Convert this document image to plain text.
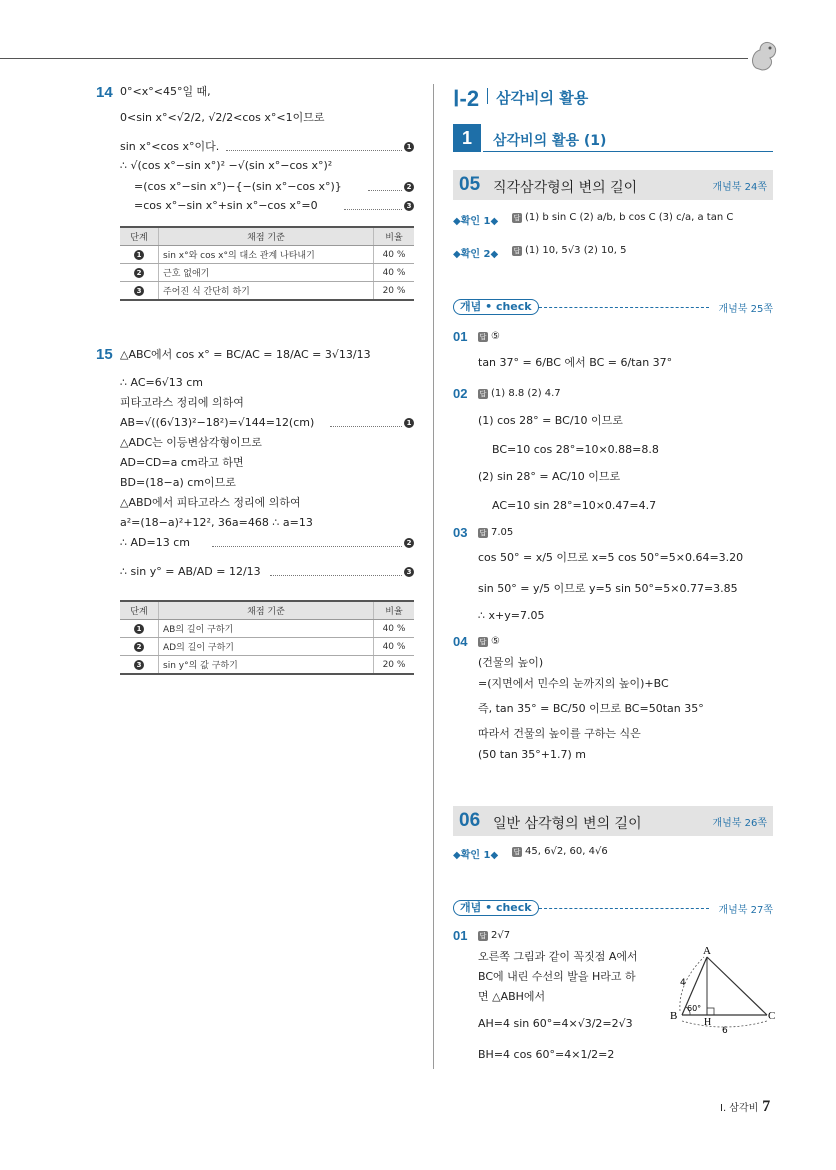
14 0°<x°<45°일 때,
0<sin x°<√2/2, √2/2<cos x°<1이므로
sin x°<cos x°이다.	1
∴ √(cos x°−sin x°)² −√(sin x°−cos x°)²
=(cos x°−sin x°)−{−(sin x°−cos x°)}	2
=cos x°−sin x°+sin x°−cos x°=0	3
단계	채점 기준	비율
1	sin x°와 cos x°의 대소 관계 나타내기	40 %
2	근호 없애기	40 %
3	주어진 식 간단히 하기	20 %
15 △ABC에서 cos x° = BC/AC = 18/AC = 3√13/13
∴ AC=6√13 cm
피타고라스 정리에 의하여
AB=√((6√13)²−18²)=√144=12(cm)	1
△ADC는 이등변삼각형이므로
AD=CD=a cm라고 하면
BD=(18−a) cm이므로
△ABD에서 피타고라스 정리에 의하여
a²=(18−a)²+12², 36a=468 ∴ a=13
∴ AD=13 cm	2
∴ sin y° = AB/AD = 12/13	3
단계	채점 기준	비율
1	AB의 길이 구하기	40 %
2	AD의 길이 구하기	40 %
3	sin y°의 값 구하기	20 %
Ⅰ-2 삼각비의 활용
1	삼각비의 활용 (1)
05 직각삼각형의 변의 길이	개념북 24쪽
◆확인 1◆	답 (1) b sin C (2) a/b, b cos C (3) c/a, a tan C
◆확인 2◆	답 (1) 10, 5√3 (2) 10, 5
개념 • check	개념북 25쪽
01 답 ⑤
tan 37° = 6/BC 에서 BC = 6/tan 37°
02 답 (1) 8.8 (2) 4.7
(1) cos 28° = BC/10 이므로
BC=10 cos 28°=10×0.88=8.8
(2) sin 28° = AC/10 이므로
AC=10 sin 28°=10×0.47=4.7
03 답 7.05
cos 50° = x/5 이므로 x=5 cos 50°=5×0.64=3.20
sin 50° = y/5 이므로 y=5 sin 50°=5×0.77=3.85
∴ x+y=7.05
04 답 ⑤
(건물의 높이)
=(지면에서 민수의 눈까지의 높이)+BC
즉, tan 35° = BC/50 이므로 BC=50tan 35°
따라서 건물의 높이를 구하는 식은
(50 tan 35°+1.7) m
06 일반 삼각형의 변의 길이	개념북 26쪽
◆확인 1◆	답 45, 6√2, 60, 4√6
개념 • check	개념북 27쪽
01 답 2√7
오른쪽 그림과 같이 꼭짓점 A에서
BC에 내린 수선의 발을 H라고 하
면 △ABH에서
AH=4 sin 60°=4×√3/2=2√3
BH=4 cos 60°=4×1/2=2
A
B	C
H
4
6
60°
Ⅰ. 삼각비 7
